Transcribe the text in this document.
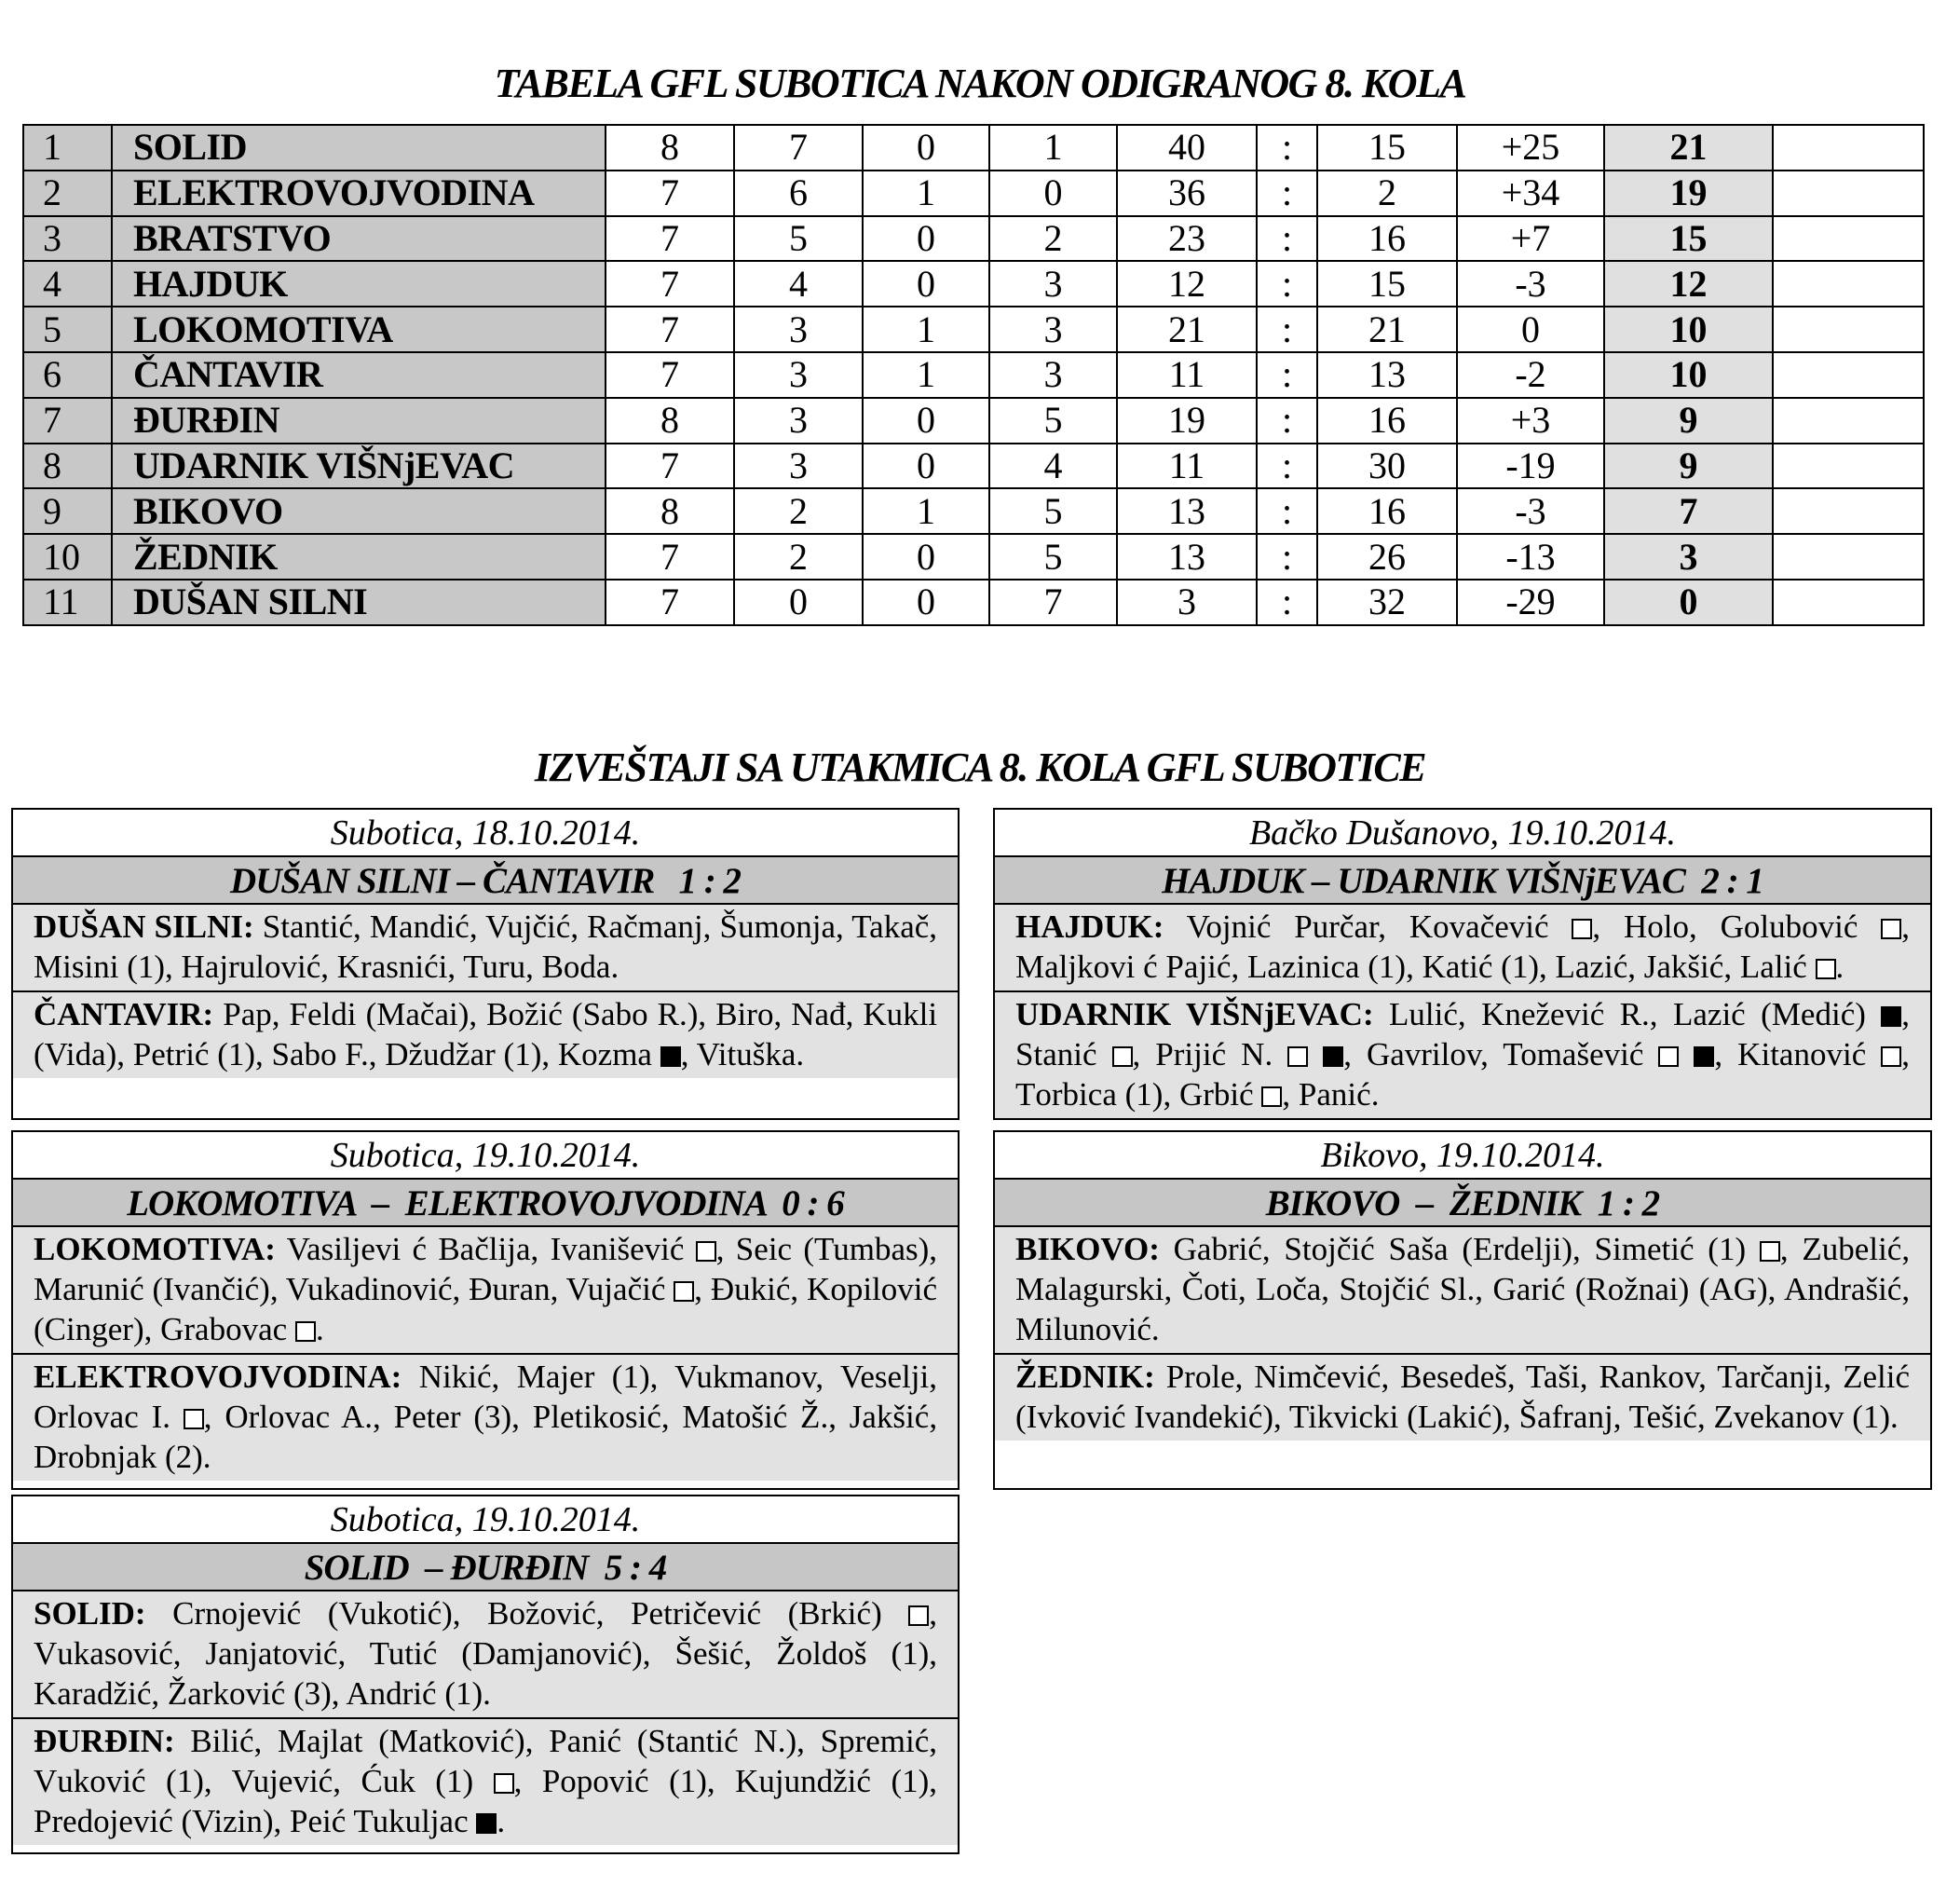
TABELA GFL SUBOTICA NAKON ODIGRANOG 8. KOLA
1	SOLID	8	7	0	1	40	:	15	+25	21	
2	ELEKTROVOJVODINA	7	6	1	0	36	:	2	+34	19	
3	BRATSTVO	7	5	0	2	23	:	16	+7	15	
4	HAJDUK	7	4	0	3	12	:	15	-3	12	
5	LOKOMOTIVA	7	3	1	3	21	:	21	0	10	
6	ČANTAVIR	7	3	1	3	11	:	13	-2	10	
7	ĐURĐIN	8	3	0	5	19	:	16	+3	9	
8	UDARNIK VIŠNjEVAC	7	3	0	4	11	:	30	-19	9	
9	BIKOVO	8	2	1	5	13	:	16	-3	7	
10	ŽEDNIK	7	2	0	5	13	:	26	-13	3	
11	DUŠAN SILNI	7	0	0	7	3	:	32	-29	0	
IZVEŠTAJI SA UTAKMICA 8. KOLA GFL SUBOTICE
Subotica, 18.10.2014.
DUŠAN SILNI – ČANTAVIR   1 : 2
DUŠAN SILNI: Stantić, Mandić, Vujčić, Račmanj, Šumonja, Takač, Misini (1), Hajrulović, Krasnići, Turu, Boda.
ČANTAVIR: Pap, Feldi (Mačai), Božić (Sabo R.), Biro, Nađ, Kukli (Vida), Petrić (1), Sabo F., Džudžar (1), Kozma , Vituška.
Bačko Dušanovo, 19.10.2014.
HAJDUK – UDARNIK VIŠNjEVAC  2 : 1
HAJDUK: Vojnić Purčar, Kovačević , Holo, Golubović , Maljkovi ć Pajić, Lazinica (1), Katić (1), Lazić, Jakšić, Lalić .
UDARNIK VIŠNjEVAC: Lulić, Knežević R., Lazić (Medić) , Stanić , Prijić N. , Gavrilov, Tomašević , Kitanović , Torbica (1), Grbić , Panić.
Subotica, 19.10.2014.
LOKOMOTIVA  –  ELEKTROVOJVODINA  0 : 6
LOKOMOTIVA: Vasiljevi ć Bačlija, Ivanišević , Seic (Tumbas), Marunić (Ivančić), Vukadinović, Đuran, Vujačić , Đukić, Kopilović (Cinger), Grabovac .
ELEKTROVOJVODINA: Nikić, Majer (1), Vukmanov, Veselji, Orlovac I. , Orlovac A., Peter (3), Pletikosić, Matošić Ž., Jakšić, Drobnjak (2).
Bikovo, 19.10.2014.
BIKOVO  –  ŽEDNIK  1 : 2
BIKOVO: Gabrić, Stojčić Saša (Erdelji), Simetić (1) , Zubelić, Malagurski, Čoti, Loča, Stojčić Sl., Garić (Rožnai) (AG), Andrašić, Milunović.
ŽEDNIK: Prole, Nimčević, Besedeš, Taši, Rankov, Tarčanji, Zelić (Ivković Ivandekić), Tikvicki (Lakić), Šafranj, Tešić, Zvekanov (1).
Subotica, 19.10.2014.
SOLID  – ĐURĐIN  5 : 4
SOLID: Crnojević (Vukotić), Božović, Petričević (Brkić) , Vukasović, Janjatović, Tutić (Damjanović), Šešić, Žoldoš (1), Karadžić, Žarković (3), Andrić (1).
ĐURĐIN: Bilić, Majlat (Matković), Panić (Stantić N.), Spremić, Vuković (1), Vujević, Ćuk (1) , Popović (1), Kujundžić (1), Predojević (Vizin), Peić Tukuljac .
